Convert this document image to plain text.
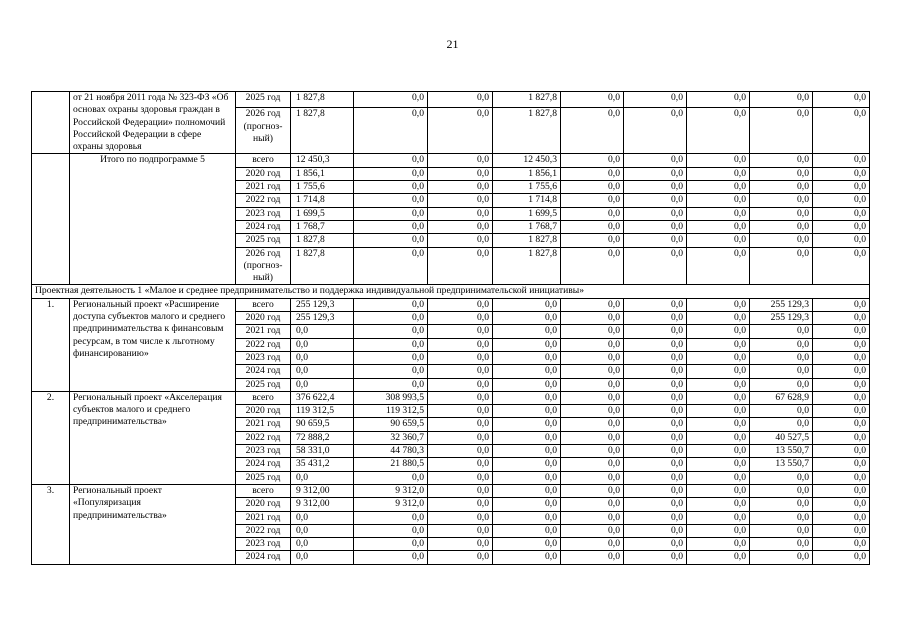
21
	от 21 ноября 2011 года № 323-ФЗ «Об основах охраны здоровья граждан в Российской Федерации» полномочий Российской Федерации в сфере охраны здоровья	2025 год	1 827,8	0,0	0,0	1 827,8	0,0	0,0	0,0	0,0	0,0
		2026 год (прогноз-ный)	1 827,8	0,0	0,0	1 827,8	0,0	0,0	0,0	0,0	0,0
	Итого по подпрограмме 5	всего	12 450,3	0,0	0,0	12 450,3	0,0	0,0	0,0	0,0	0,0
		2020 год	1 856,1	0,0	0,0	1 856,1	0,0	0,0	0,0	0,0	0,0
		2021 год	1 755,6	0,0	0,0	1 755,6	0,0	0,0	0,0	0,0	0,0
		2022 год	1 714,8	0,0	0,0	1 714,8	0,0	0,0	0,0	0,0	0,0
		2023 год	1 699,5	0,0	0,0	1 699,5	0,0	0,0	0,0	0,0	0,0
		2024 год	1 768,7	0,0	0,0	1 768,7	0,0	0,0	0,0	0,0	0,0
		2025 год	1 827,8	0,0	0,0	1 827,8	0,0	0,0	0,0	0,0	0,0
		2026 год (прогноз-ный)	1 827,8	0,0	0,0	1 827,8	0,0	0,0	0,0	0,0	0,0
Проектная деятельность 1 «Малое и среднее предпринимательство и поддержка индивидуальной предпринимательской инициативы»											
1.	Региональный проект «Расширение доступа субъектов малого и среднего предпринимательства к финансовым ресурсам, в том числе к льготному финансированию»	всего	255 129,3	0,0	0,0	0,0	0,0	0,0	0,0	255 129,3	0,0
		2020 год	255 129,3	0,0	0,0	0,0	0,0	0,0	0,0	255 129,3	0,0
		2021 год	0,0	0,0	0,0	0,0	0,0	0,0	0,0	0,0	0,0
		2022 год	0,0	0,0	0,0	0,0	0,0	0,0	0,0	0,0	0,0
		2023 год	0,0	0,0	0,0	0,0	0,0	0,0	0,0	0,0	0,0
		2024 год	0,0	0,0	0,0	0,0	0,0	0,0	0,0	0,0	0,0
		2025 год	0,0	0,0	0,0	0,0	0,0	0,0	0,0	0,0	0,0
2.	Региональный проект «Акселерация субъектов малого и среднего предпринимательства»	всего	376 622,4	308 993,5	0,0	0,0	0,0	0,0	0,0	67 628,9	0,0
		2020 год	119 312,5	119 312,5	0,0	0,0	0,0	0,0	0,0	0,0	0,0
		2021 год	90 659,5	90 659,5	0,0	0,0	0,0	0,0	0,0	0,0	0,0
		2022 год	72 888,2	32 360,7	0,0	0,0	0,0	0,0	0,0	40 527,5	0,0
		2023 год	58 331,0	44 780,3	0,0	0,0	0,0	0,0	0,0	13 550,7	0,0
		2024 год	35 431,2	21 880,5	0,0	0,0	0,0	0,0	0,0	13 550,7	0,0
		2025 год	0,0	0,0	0,0	0,0	0,0	0,0	0,0	0,0	0,0
3.	Региональный проект «Популяризация предпринимательства»	всего	9 312,00	9 312,0	0,0	0,0	0,0	0,0	0,0	0,0	0,0
		2020 год	9 312,00	9 312,0	0,0	0,0	0,0	0,0	0,0	0,0	0,0
		2021 год	0,0	0,0	0,0	0,0	0,0	0,0	0,0	0,0	0,0
		2022 год	0,0	0,0	0,0	0,0	0,0	0,0	0,0	0,0	0,0
		2023 год	0,0	0,0	0,0	0,0	0,0	0,0	0,0	0,0	0,0
		2024 год	0,0	0,0	0,0	0,0	0,0	0,0	0,0	0,0	0,0
